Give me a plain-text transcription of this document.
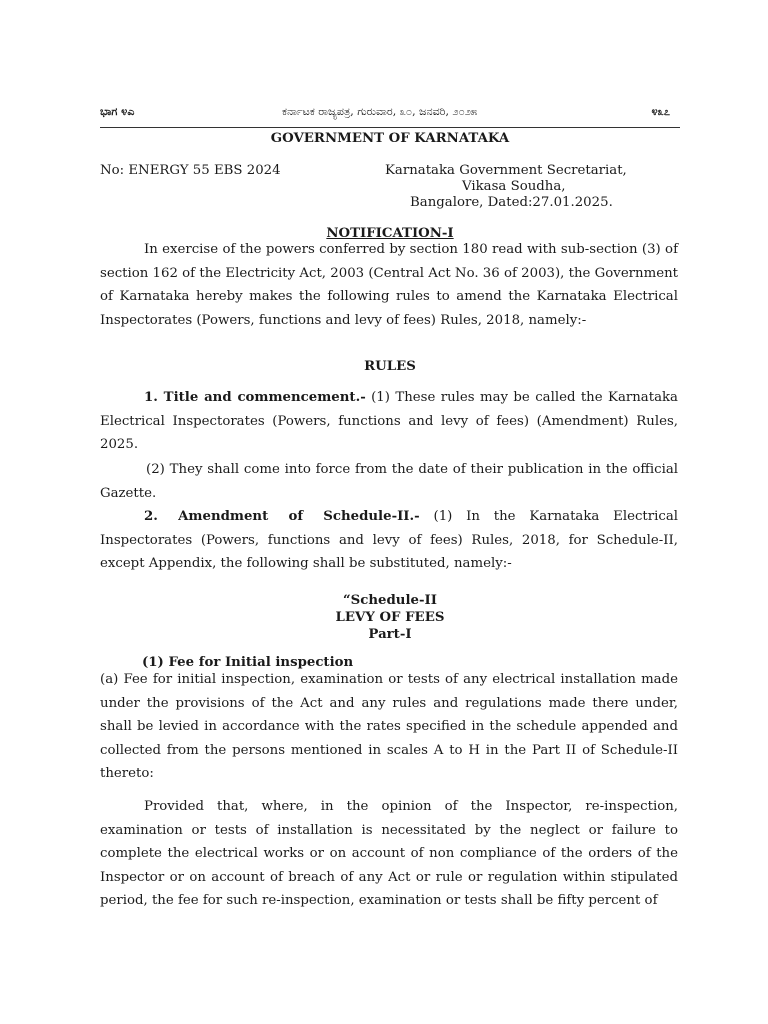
ಭಾಗ ೪ಎ	ಕರ್ನಾಟಕ ರಾಜ್ಯಪತ್ರ, ಗುರುವಾರ, ೩೦, ಜನವರಿ, ೨೦೨೫	೪೩೭
GOVERNMENT OF KARNATAKA
No: ENERGY 55 EBS 2024	Karnataka Government Secretariat,
Vikasa Soudha,
Bangalore, Dated:27.01.2025.
NOTIFICATION-I
In exercise of the powers conferred by section 180 read with sub-section (3) of section 162 of the Electricity Act, 2003 (Central Act No. 36 of 2003), the Government of Karnataka hereby makes the following rules to amend the Karnataka Electrical Inspectorates (Powers, functions and levy of fees) Rules, 2018, namely:-
RULES
1. Title and commencement.- (1) These rules may be called the Karnataka Electrical Inspectorates (Powers, functions and levy of fees) (Amendment) Rules, 2025.
(2) They shall come into force from the date of their publication in the official Gazette.
2. Amendment of Schedule-II.- (1) In the Karnataka Electrical Inspectorates (Powers, functions and levy of fees) Rules, 2018, for Schedule-II, except Appendix, the following shall be substituted, namely:-
“Schedule-II
LEVY OF FEES
Part-I
(1) Fee for Initial inspection
(a) Fee for initial inspection, examination or tests of any electrical installation made under the provisions of the Act and any rules and regulations made there under, shall be levied in accordance with the rates specified in the schedule appended and collected from the persons mentioned in scales A to H in the Part II of Schedule-II thereto:
Provided that, where, in the opinion of the Inspector, re-inspection, examination or tests of installation is necessitated by the neglect or failure to complete the electrical works or on account of non compliance of the orders of the Inspector or on account of breach of any Act or rule or regulation within stipulated period, the fee for such re-inspection, examination or tests shall be fifty percent of
